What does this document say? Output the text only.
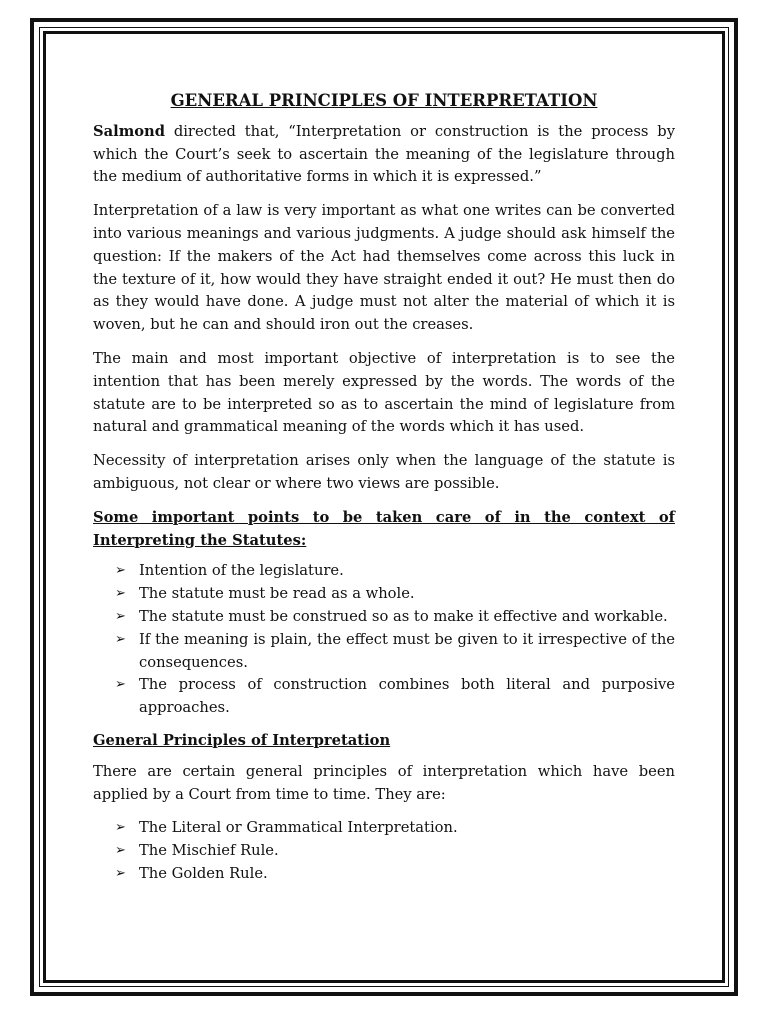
GENERAL PRINCIPLES OF INTERPRETATION

Salmond directed that, “Interpretation or construction is the process by which the Court’s seek to ascertain the meaning of the legislature through the medium of authoritative forms in which it is expressed.”

Interpretation of a law is very important as what one writes can be converted into various meanings and various judgments. A judge should ask himself the question: If the makers of the Act had themselves come across this luck in the texture of it, how would they have straight ended it out? He must then do as they would have done. A judge must not alter the material of which it is woven, but he can and should iron out the creases.

The main and most important objective of interpretation is to see the intention that has been merely expressed by the words. The words of the statute are to be interpreted so as to ascertain the mind of legislature from natural and grammatical meaning of the words which it has used.

Necessity of interpretation arises only when the language of the statute is ambiguous, not clear or where two views are possible.

Some important points to be taken care of in the context of Interpreting the Statutes:
➢ Intention of the legislature.
➢ The statute must be read as a whole.
➢ The statute must be construed so as to make it effective and workable.
➢ If the meaning is plain, the effect must be given to it irrespective of the consequences.
➢ The process of construction combines both literal and purposive approaches.
General Principles of Interpretation

There are certain general principles of interpretation which have been applied by a Court from time to time. They are:

➢ The Literal or Grammatical Interpretation.
➢ The Mischief Rule.
➢ The Golden Rule.
